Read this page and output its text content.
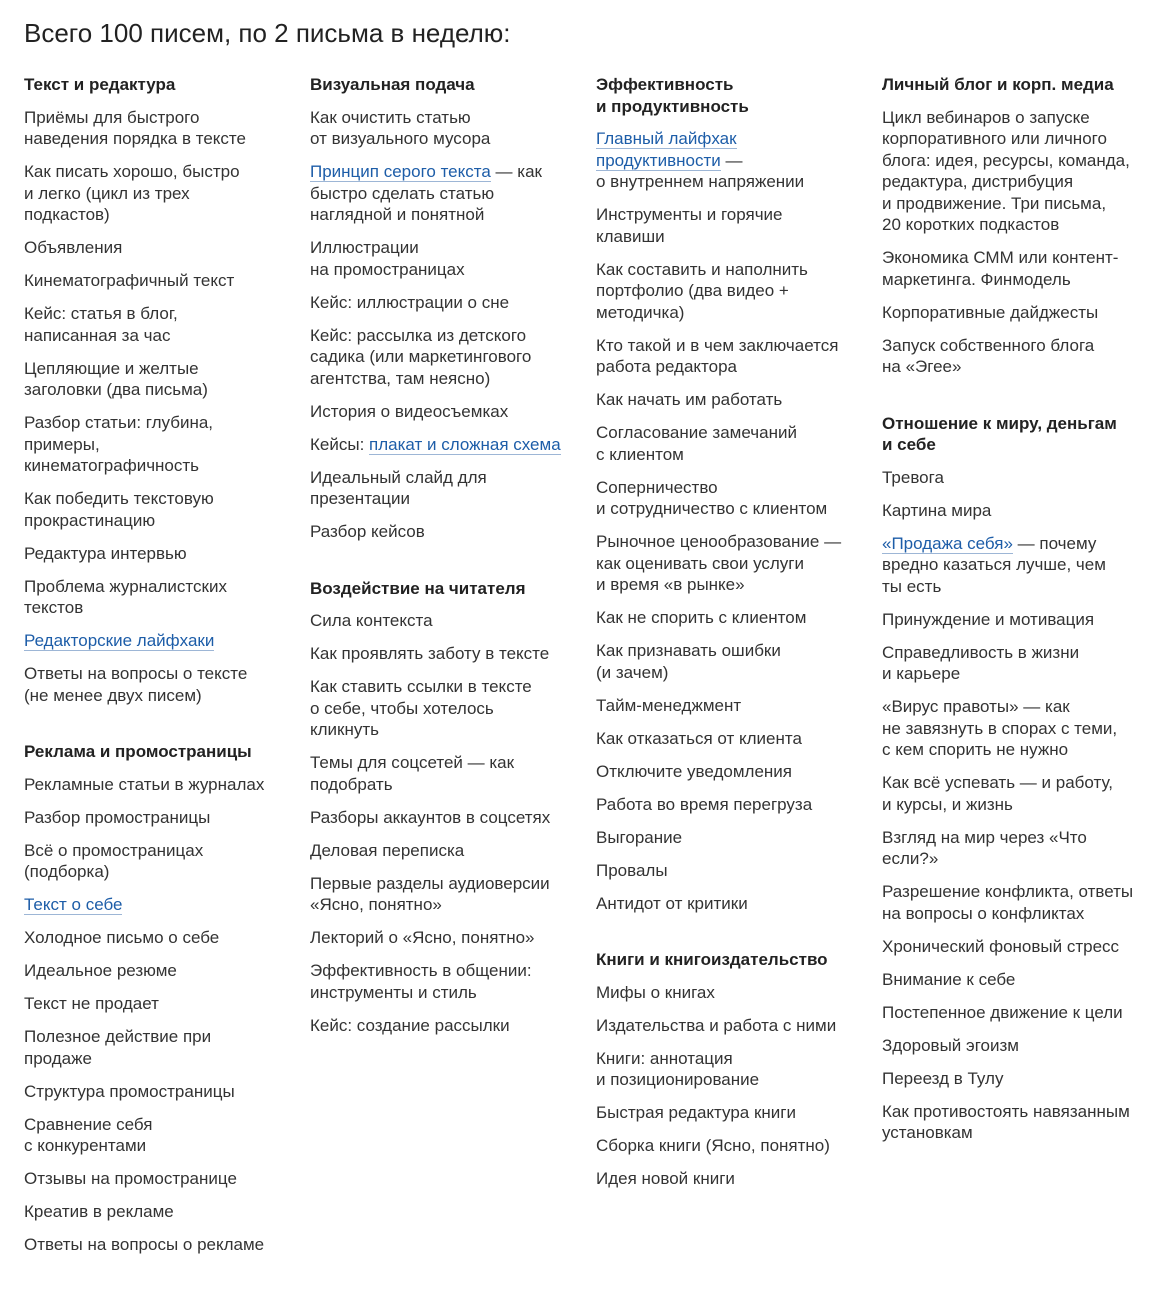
Всего 100 писем, по 2 письма в неделю:
Текст и редактура
Приёмы для быстрого
наведения порядка в тексте
Как писать хорошо, быстро
и легко (цикл из трех
подкастов)
Объявления
Кинематографичный текст
Кейс: статья в блог,
написанная за час
Цепляющие и желтые
заголовки (два письма)
Разбор статьи: глубина,
примеры,
кинематографичность
Как победить текстовую
прокрастинацию
Редактура интервью
Проблема журналистских
текстов
Редакторские лайфхаки
Ответы на вопросы о тексте
(не менее двух писем)
Реклама и промостраницы
Рекламные статьи в журналах
Разбор промостраницы
Всё о промостраницах
(подборка)
Текст о себе
Холодное письмо о себе
Идеальное резюме
Текст не продает
Полезное действие при
продаже
Структура промостраницы
Сравнение себя
с конкурентами
Отзывы на промостранице
Креатив в рекламе
Ответы на вопросы о рекламе
Визуальная подача
Как очистить статью
от визуального мусора
Принцип серого текста — как
быстро сделать статью
наглядной и понятной
Иллюстрации
на промостраницах
Кейс: иллюстрации о сне
Кейс: рассылка из детского
садика (или маркетингового
агентства, там неясно)
История о видеосъемках
Кейсы: плакат и сложная схема
Идеальный слайд для
презентации
Разбор кейсов
Воздействие на читателя
Сила контекста
Как проявлять заботу в тексте
Как ставить ссылки в тексте
о себе, чтобы хотелось
кликнуть
Темы для соцсетей — как
подобрать
Разборы аккаунтов в соцсетях
Деловая переписка
Первые разделы аудиоверсии
«Ясно, понятно»
Лекторий о «Ясно, понятно»
Эффективность в общении:
инструменты и стиль
Кейс: создание рассылки
Эффективность
и продуктивность
Главный лайфхак
продуктивности —
о внутреннем напряжении
Инструменты и горячие
клавиши
Как составить и наполнить
портфолио (два видео +
методичка)
Кто такой и в чем заключается
работа редактора
Как начать им работать
Согласование замечаний
с клиентом
Соперничество
и сотрудничество с клиентом
Рыночное ценообразование —
как оценивать свои услуги
и время «в рынке»
Как не спорить с клиентом
Как признавать ошибки
(и зачем)
Тайм-менеджмент
Как отказаться от клиента
Отключите уведомления
Работа во время перегруза
Выгорание
Провалы
Антидот от критики
Книги и книгоиздательство
Мифы о книгах
Издательства и работа с ними
Книги: аннотация
и позиционирование
Быстрая редактура книги
Сборка книги (Ясно, понятно)
Идея новой книги
Личный блог и корп. медиа
Цикл вебинаров о запуске
корпоративного или личного
блога: идея, ресурсы, команда,
редактура, дистрибуция
и продвижение. Три письма,
20 коротких подкастов
Экономика СММ или контент-
маркетинга. Финмодель
Корпоративные дайджесты
Запуск собственного блога
на «Эгее»
Отношение к миру, деньгам
и себе
Тревога
Картина мира
«Продажа себя» — почему
вредно казаться лучше, чем
ты есть
Принуждение и мотивация
Справедливость в жизни
и карьере
«Вирус правоты» — как
не завязнуть в спорах с теми,
с кем спорить не нужно
Как всё успевать — и работу,
и курсы, и жизнь
Взгляд на мир через «Что
если?»
Разрешение конфликта, ответы
на вопросы о конфликтах
Хронический фоновый стресс
Внимание к себе
Постепенное движение к цели
Здоровый эгоизм
Переезд в Тулу
Как противостоять навязанным
установкам
